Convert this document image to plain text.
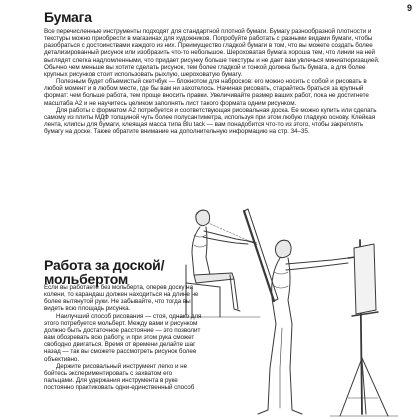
9
Бумага

Все перечисленные инструменты подходят для стандартной плотной бумаги. Бумагу разнообразной плотности и текстуры можно приобрести в магазинах для художников. Попробуйте работать с разными видами бумаги, чтобы разобраться с достоинствами каждого из них. Преимущество гладкой бумаги в том, что вы можете создать более детализированный рисунок или изобразить что-то небольшое. Шероховатая бумага хороша тем, что линии на ней выглядят слегка надломленными, что придает рисунку больше текстуры и не дает вам увлечься миниатюризацией. Обычно чем меньше вы хотите сделать рисунок, тем более гладкой и тонкой должна быть бумага, а для более крупных рисунков стоит использовать рыхлую, шероховатую бумагу.

Полезным будет объемистый скетчбук — блокнотом для набросков: его можно носить с собой и рисовать в любой момент и в любом месте, где бы вам ни захотелось. Начиная рисовать, старайтесь браться за крупный формат: чем больше работа, тем проще вносить правки. Увеличивайте размер ваших работ, пока не достигнете масштаба А2 и не научитесь целиком заполнять лист такого формата одним рисунком.

Для работы с форматом А2 потребуется и соответствующая рисовальная доска. Ее можно купить или сделать самому из плиты МДФ толщиной чуть более полусантиметра, используя при этом любую гладкую основу. Клейкая лента, клипсы для бумаги, клеящая масса типа Blu tack — вам понадобится что-то из этого, чтобы закреплять бумагу на доске. Также обратите внимание на дополнительную информацию на стр. 34–35.

Работа за доской/
мольбертом

Если вы работаете без мольберта, оперев доску на колени, то карандаш должен находиться на длине не более вытянутой руки. Не забывайте, что тогда вы видеть всю площадь рисунка.

Наилучший способ рисования — стоя, однако для этого потребуется мольберт. Между вами и рисунком должно быть достаточное расстояние — это позволит вам обозревать всю работу, и при этом рука сможет свободно двигаться. Время от времени делайте шаг назад — так вы сможете рассмотреть рисунок более объективно.

Держите рисовальный инструмент легко и не бойтесь экспериментировать с захватом его пальцами. Для удержания инструмента в руке постоянно практиковать одни-единственный способ
